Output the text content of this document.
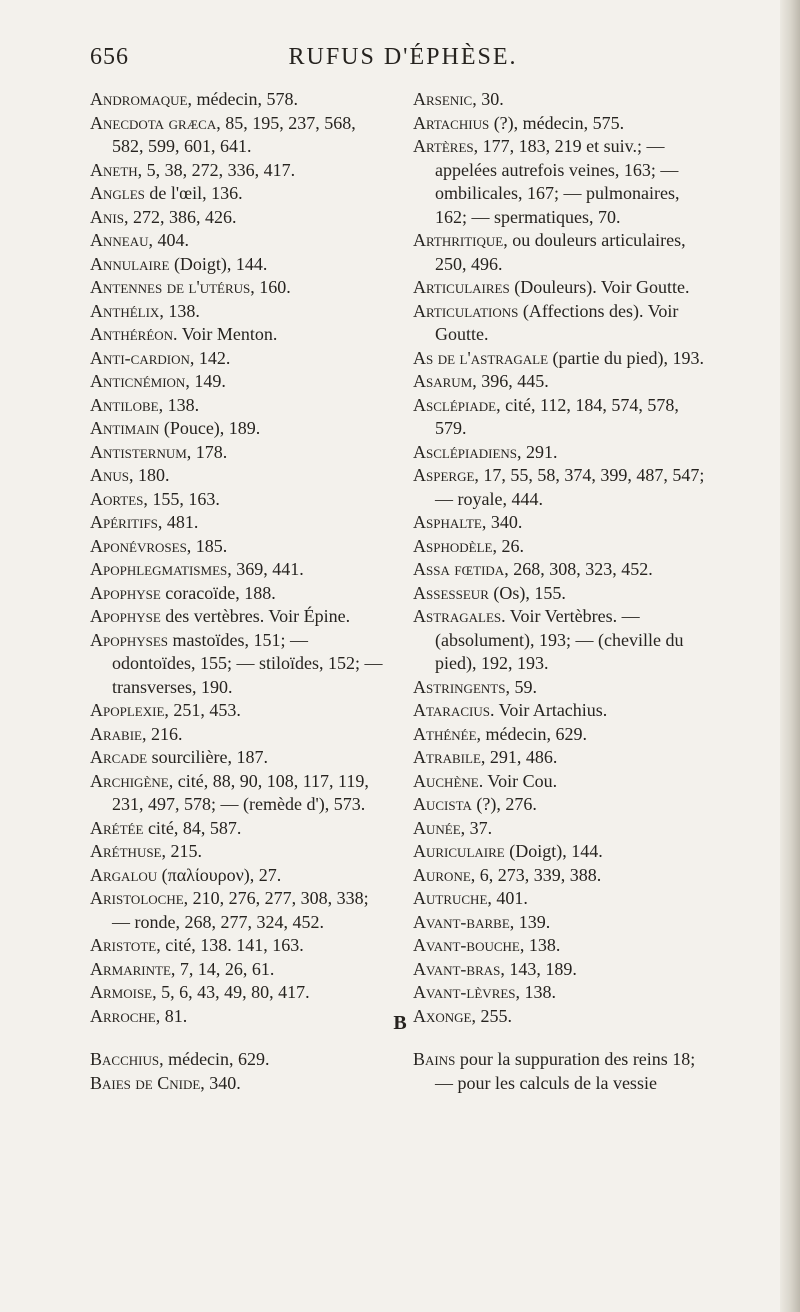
RUFUS D'ÉPHÈSE.
656

Andromaque, médecin, 578.

Anecdota græca, 85, 195, 237, 568, 582, 599, 601, 641.

Aneth, 5, 38, 272, 336, 417.

Angles de l'œil, 136.

Anis, 272, 386, 426.

Anneau, 404.

Annulaire (Doigt), 144.

Antennes de l'utérus, 160.

Anthélix, 138.

Anthéréon. Voir Menton.

Anti-cardion, 142.

Anticnémion, 149.

Antilobe, 138.

Antimain (Pouce), 189.

Antisternum, 178.

Anus, 180.

Aortes, 155, 163.

Apéritifs, 481.

Aponévroses, 185.

Apophlegmatismes, 369, 441.

Apophyse coracoïde, 188.

Apophyse des vertèbres. Voir Épine.

Apophyses mastoïdes, 151; — odontoïdes, 155; — stiloïdes, 152; — transverses, 190.

Apoplexie, 251, 453.

Arabie, 216.

Arcade sourcilière, 187.

Archigène, cité, 88, 90, 108, 117, 119, 231, 497, 578; — (remède d'), 573.

Arétée cité, 84, 587.

Aréthuse, 215.

Argalou (παλίουρον), 27.

Aristoloche, 210, 276, 277, 308, 338; — ronde, 268, 277, 324, 452.

Aristote, cité, 138. 141, 163.

Armarinte, 7, 14, 26, 61.

Armoise, 5, 6, 43, 49, 80, 417.

Arroche, 81.

Arsenic, 30.

Artachius (?), médecin, 575.

Artères, 177, 183, 219 et suiv.; — appelées autrefois veines, 163; — ombilicales, 167; — pulmonaires, 162; — spermatiques, 70.

Arthritique, ou douleurs articulaires, 250, 496.

Articulaires (Douleurs). Voir Goutte.

Articulations (Affections des). Voir Goutte.

As de l'astragale (partie du pied), 193.

Asarum, 396, 445.

Asclépiade, cité, 112, 184, 574, 578, 579.

Asclépiadiens, 291.

Asperge, 17, 55, 58, 374, 399, 487, 547; — royale, 444.

Asphalte, 340.

Asphodèle, 26.

Assa fœtida, 268, 308, 323, 452.

Assesseur (Os), 155.

Astragales. Voir Vertèbres. — (absolument), 193; — (cheville du pied), 192, 193.

Astringents, 59.

Ataracius. Voir Artachius.

Athénée, médecin, 629.

Atrabile, 291, 486.

Auchène. Voir Cou.

Aucista (?), 276.

Aunée, 37.

Auriculaire (Doigt), 144.

Aurone, 6, 273, 339, 388.

Autruche, 401.

Avant-barbe, 139.

Avant-bouche, 138.

Avant-bras, 143, 189.

Avant-lèvres, 138.

Axonge, 255.

B

Bacchius, médecin, 629.

Baies de Cnide, 340.

Bains pour la suppuration des reins 18; — pour les calculs de la vessie
